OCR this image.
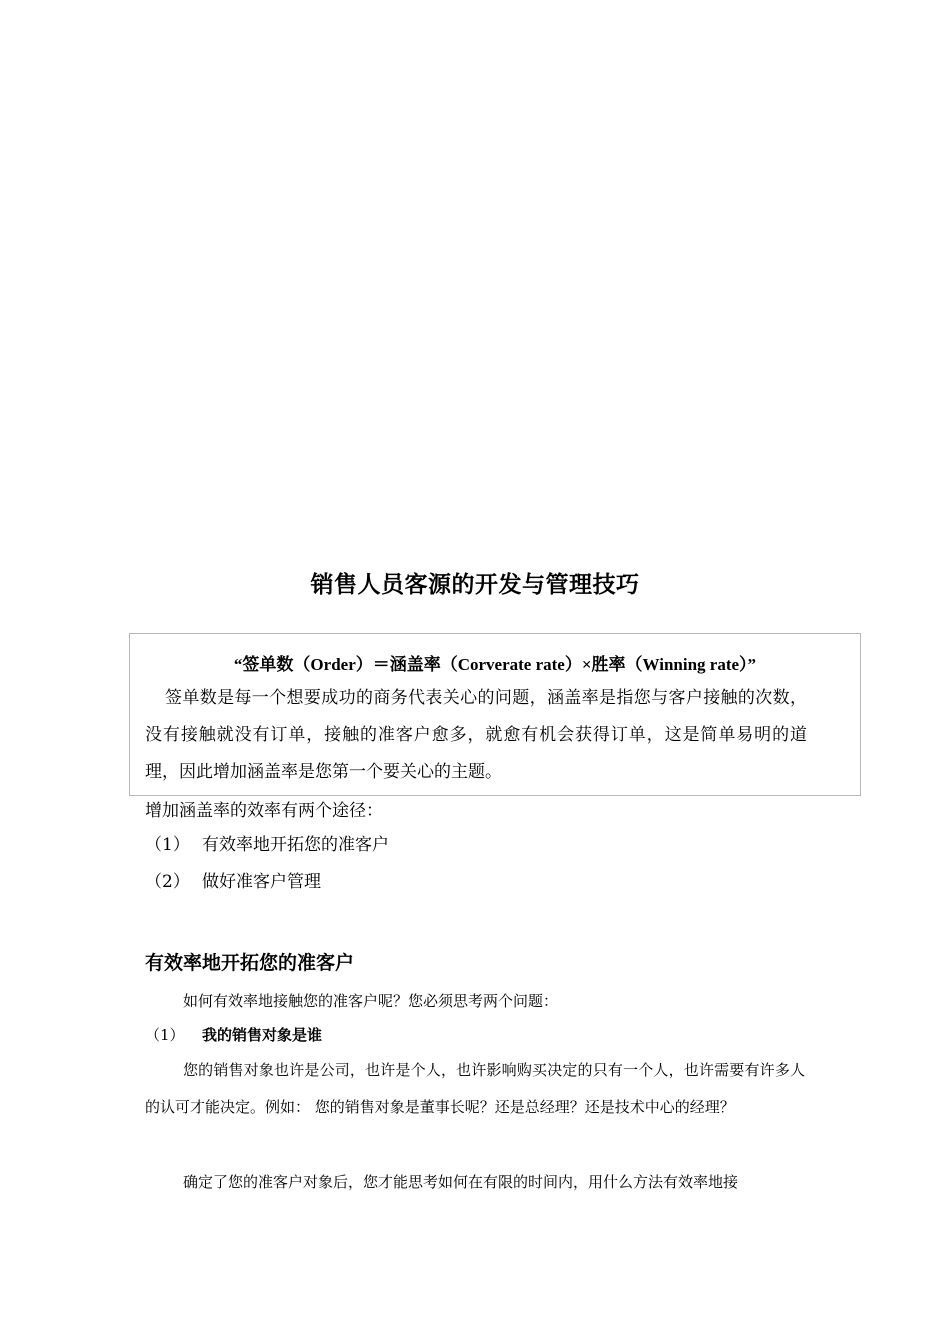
销售人员客源的开发与管理技巧
“签单数（Order）＝涵盖率（Corverate rate）×胜率（Winning rate）”

签单数是每一个想要成功的商务代表关心的问题，涵盖率是指您与客户接触的次数，没有接触就没有订单，接触的准客户愈多，就愈有机会获得订单，这是简单易明的道理，因此增加涵盖率是您第一个要关心的主题。

增加涵盖率的效率有两个途径：

（1） 有效率地开拓您的准客户

（2） 做好准客户管理

有效率地开拓您的准客户

如何有效率地接触您的准客户呢？您必须思考两个问题：

（1） 我的销售对象是谁

您的销售对象也许是公司，也许是个人，也许影响购买决定的只有一个人，也许需要有许多人的认可才能决定。例如： 您的销售对象是董事长呢？还是总经理？还是技术中心的经理？

确定了您的准客户对象后，您才能思考如何在有限的时间内，用什么方法有效率地接
